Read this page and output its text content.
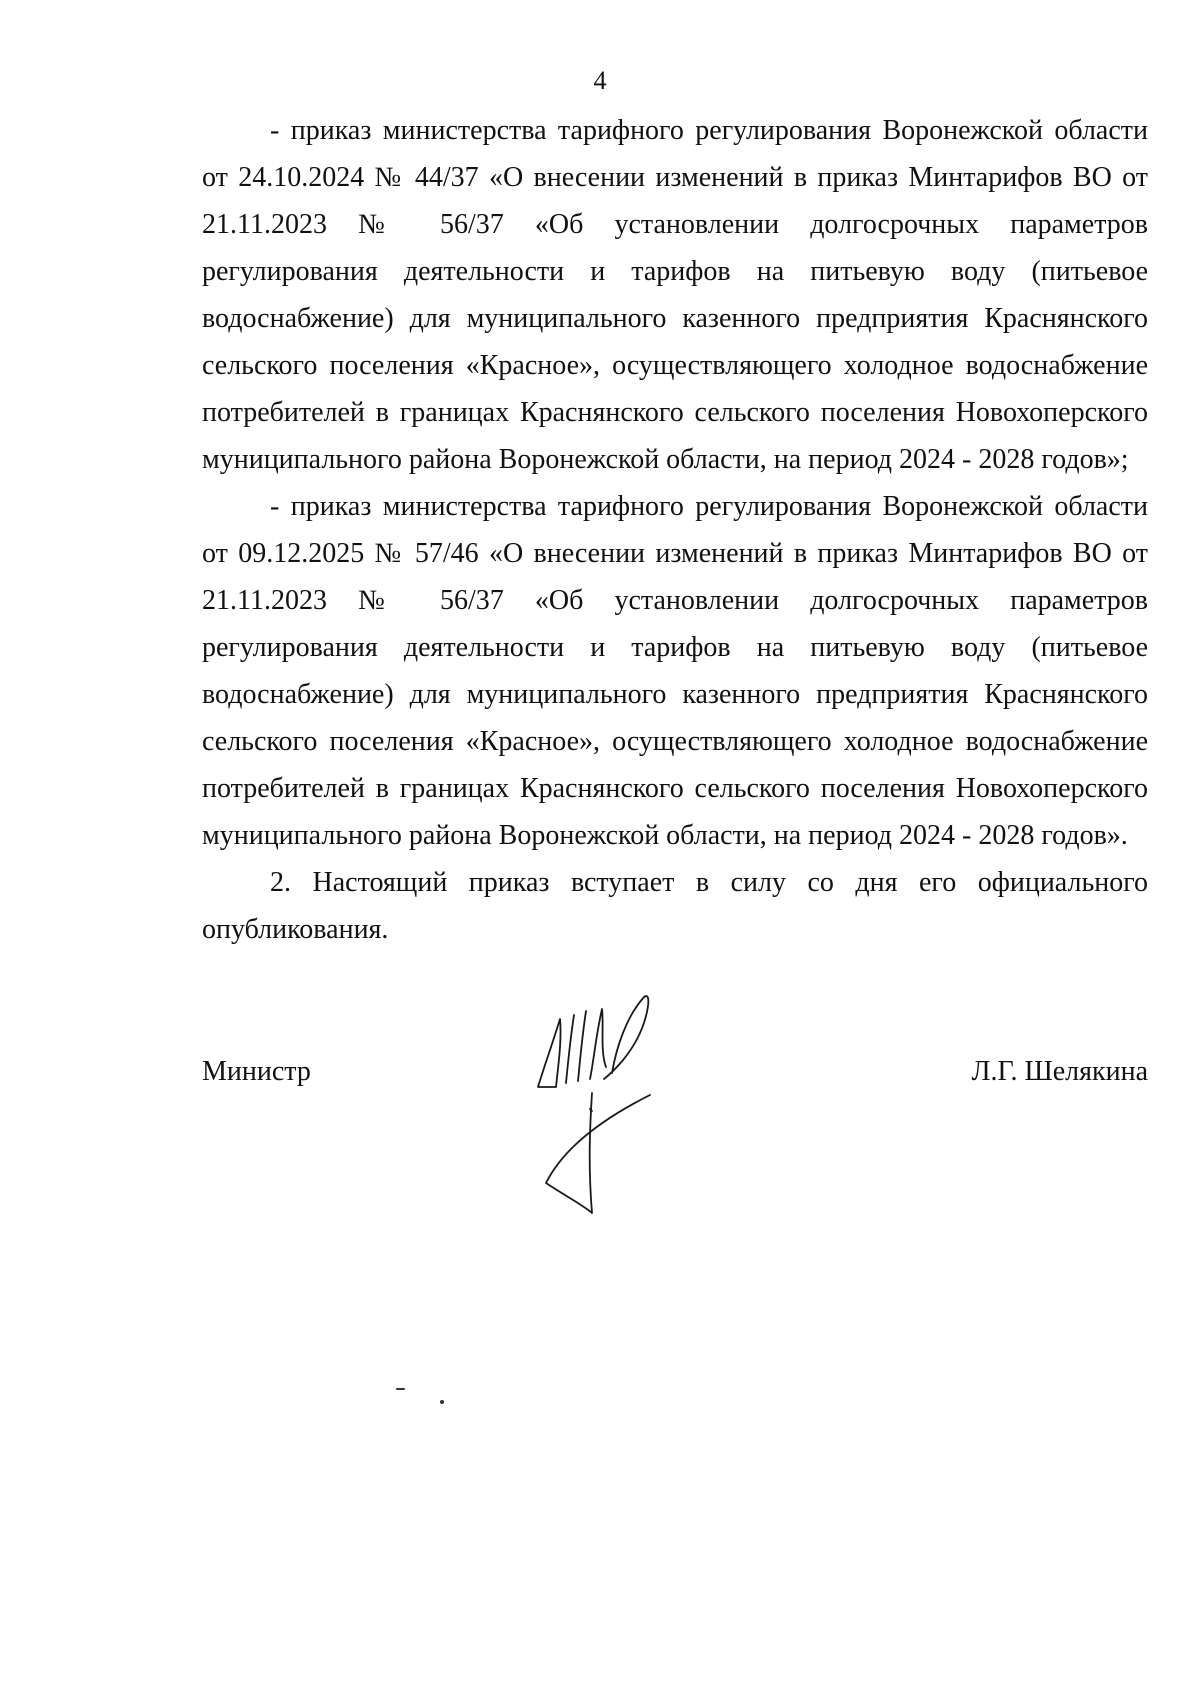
4

- приказ министерства тарифного регулирования Воронежской области от 24.10.2024 № 44/37 «О внесении изменений в приказ Минтарифов ВО от 21.11.2023 № 56/37 «Об установлении долгосрочных параметров регулирования деятельности и тарифов на питьевую воду (питьевое водоснабжение) для муниципального казенного предприятия Краснянского сельского поселения «Красное», осуществляющего холодное водоснабжение потребителей в границах Краснянского сельского поселения Новохоперского муниципального района Воронежской области, на период 2024 - 2028 годов»;

- приказ министерства тарифного регулирования Воронежской области от 09.12.2025 № 57/46 «О внесении изменений в приказ Минтарифов ВО от 21.11.2023 № 56/37 «Об установлении долгосрочных параметров регулирования деятельности и тарифов на питьевую воду (питьевое водоснабжение) для муниципального казенного предприятия Краснянского сельского поселения «Красное», осуществляющего холодное водоснабжение потребителей в границах Краснянского сельского поселения Новохоперского муниципального района Воронежской области, на период 2024 - 2028 годов».

2. Настоящий приказ вступает в силу со дня его официального опубликования.

Министр	Л.Г. Шелякина
